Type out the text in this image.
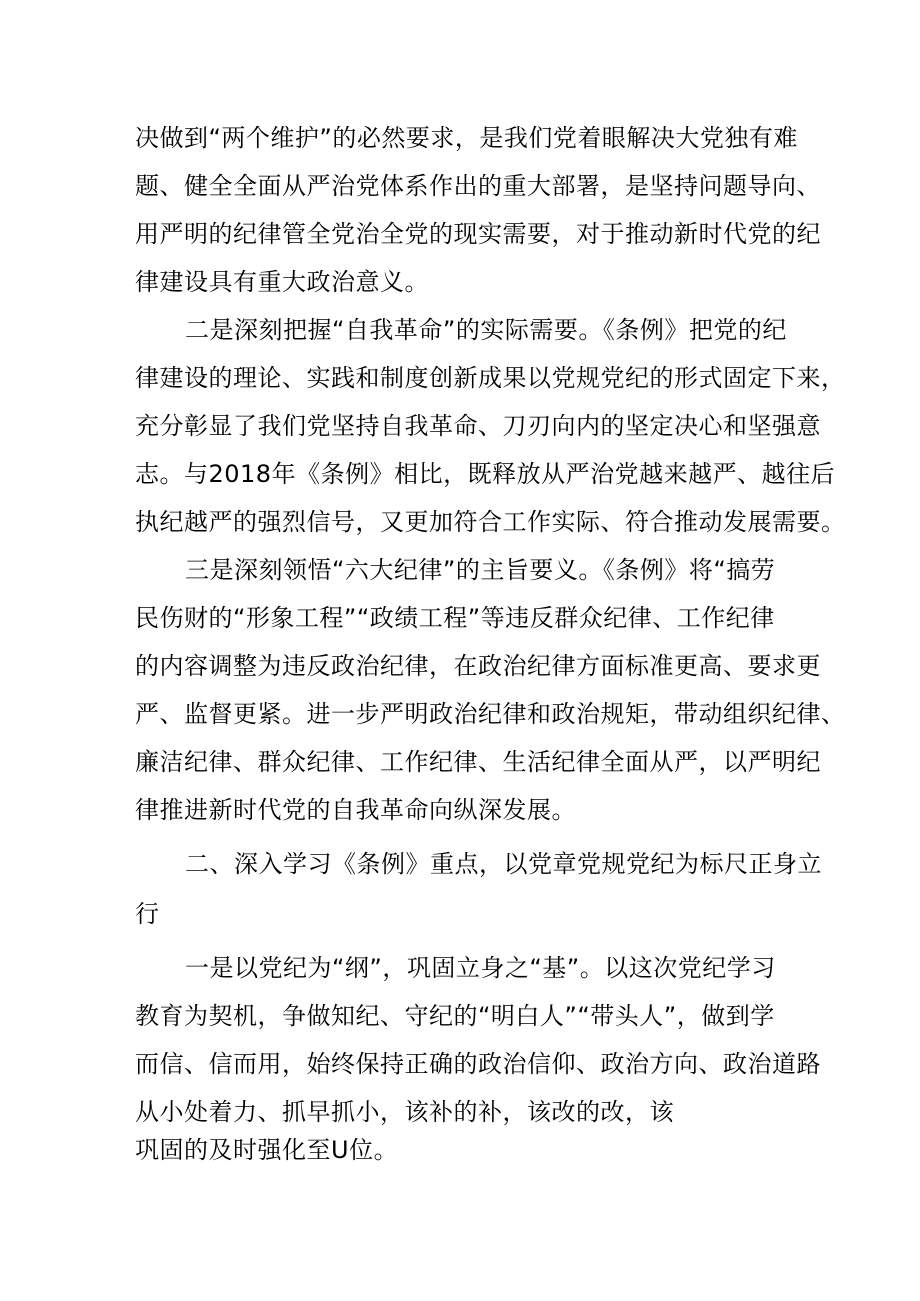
决做到“两个维护”的必然要求，是我们党着眼解决大党独有难
题、健全全面从严治党体系作出的重大部署，是坚持问题导向、
用严明的纪律管全党治全党的现实需要，对于推动新时代党的纪
律建设具有重大政治意义。
二是深刻把握“自我革命”的实际需要。《条例》把党的纪
律建设的理论、实践和制度创新成果以党规党纪的形式固定下来，
充分彰显了我们党坚持自我革命、刀刃向内的坚定决心和坚强意
志。与2018年《条例》相比，既释放从严治党越来越严、越往后
执纪越严的强烈信号，又更加符合工作实际、符合推动发展需要。
三是深刻领悟“六大纪律”的主旨要义。《条例》将“搞劳
民伤财的“形象工程”“政绩工程”等违反群众纪律、工作纪律
的内容调整为违反政治纪律，在政治纪律方面标准更高、要求更
严、监督更紧。进一步严明政治纪律和政治规矩，带动组织纪律、
廉洁纪律、群众纪律、工作纪律、生活纪律全面从严，以严明纪
律推进新时代党的自我革命向纵深发展。
二、深入学习《条例》重点，以党章党规党纪为标尺正身立
行
一是以党纪为“纲”，巩固立身之“基”。以这次党纪学习
教育为契机，争做知纪、守纪的“明白人”“带头人”，做到学
而信、信而用，始终保持正确的政治信仰、政治方向、政治道路
从小处着力、抓早抓小，该补的补，该改的改，该
巩固的及时强化至U位。
